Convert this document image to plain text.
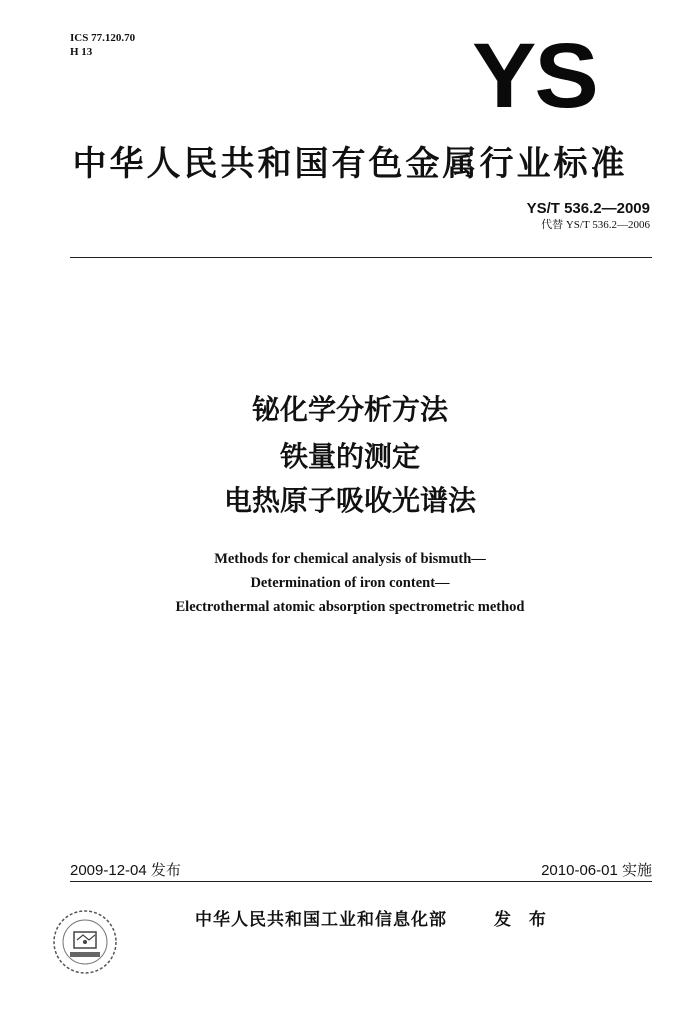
ICS 77.120.70
H 13	YS
中华人民共和国有色金属行业标准
YS/T 536.2—2009
代替 YS/T 536.2—2006
铋化学分析方法
铁量的测定
电热原子吸收光谱法
Methods for chemical analysis of bismuth—
Determination of iron content—
Electrothermal atomic absorption spectrometric method
2009-12-04 发布	2010-06-01 实施
中华人民共和国工业和信息化部	发 布
